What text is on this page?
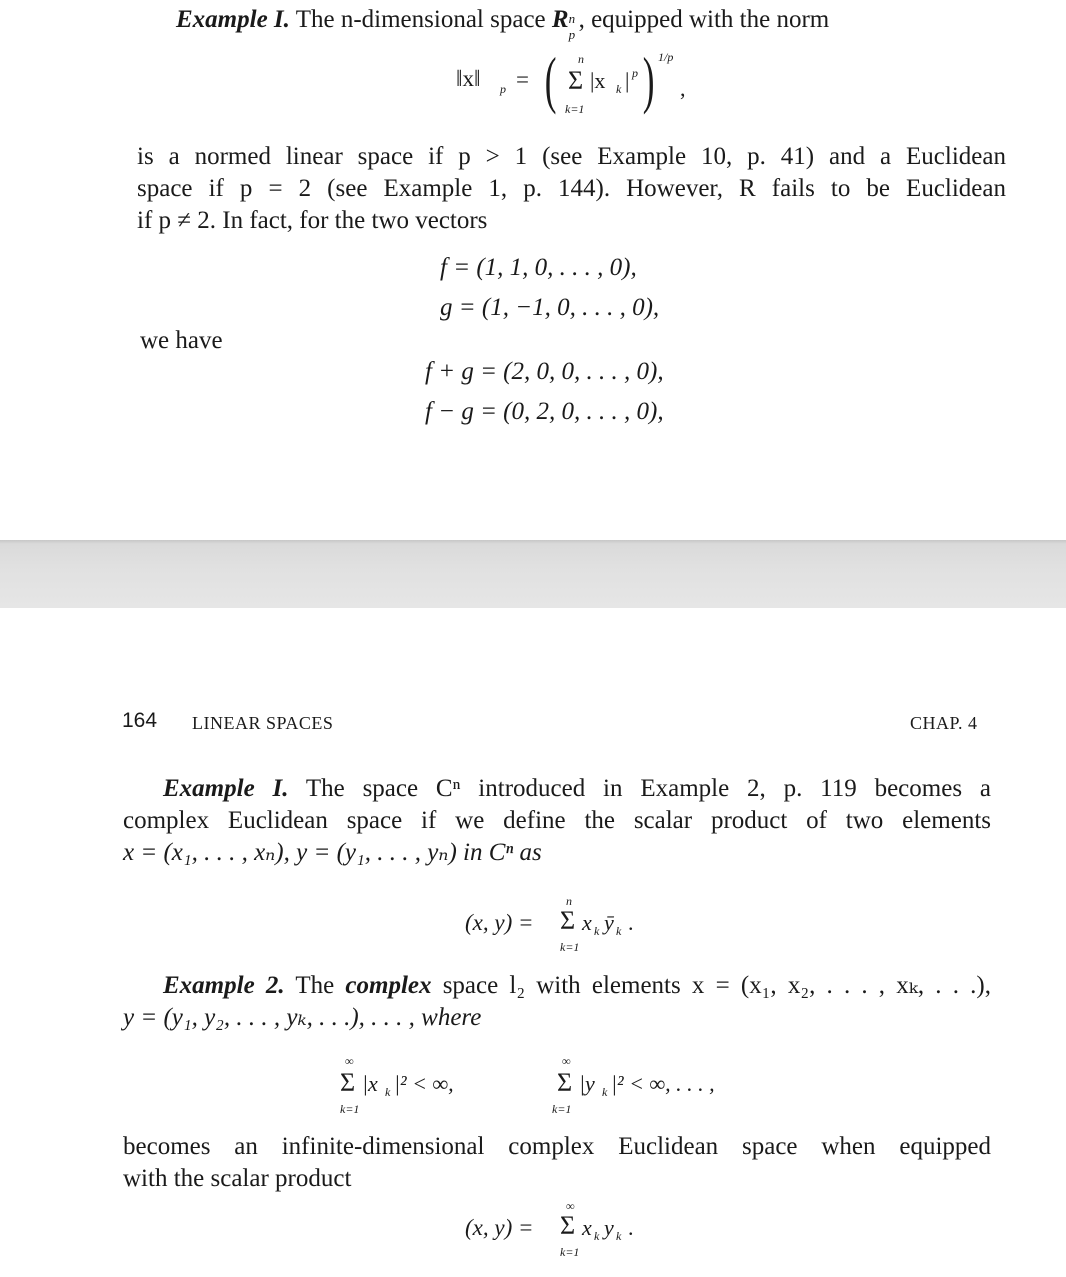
Example I. The n-dimensional space R n
p
, equipped with the norm
‖x‖ p = ( n
Σ
k=1
|x k | p ) 1/p
,
is a normed linear space if p > 1 (see Example 10, p. 41) and a Euclidean
space if p = 2 (see Example 1, p. 144). However, R fails to be Euclidean
if p ≠ 2. In fact, for the two vectors
f = (1, 1, 0, . . . , 0),
g = (1, −1, 0, . . . , 0),
we have
f + g = (2, 0, 0, . . . , 0),
f − g = (0, 2, 0, . . . , 0),
164 LINEAR SPACES	CHAP. 4
Example I. The space Cⁿ introduced in Example 2, p. 119 becomes a
complex Euclidean space if we define the scalar product of two elements
x = (x₁, . . . , xₙ), y = (y₁, . . . , yₙ) in Cⁿ as
(x, y) =
n
Σ
k=1
x k ȳ k .
Example 2. The complex space l₂ with elements x = (x₁, x₂, . . . , xₖ, . . .),
y = (y₁, y₂, . . . , yₖ, . . .), . . . , where
∞
Σ
k=1
|x k |² < ∞,
∞
Σ
k=1
|y k |² < ∞, . . . ,
becomes an infinite-dimensional complex Euclidean space when equipped
with the scalar product
(x, y) =
∞
Σ
k=1
x k y k .
